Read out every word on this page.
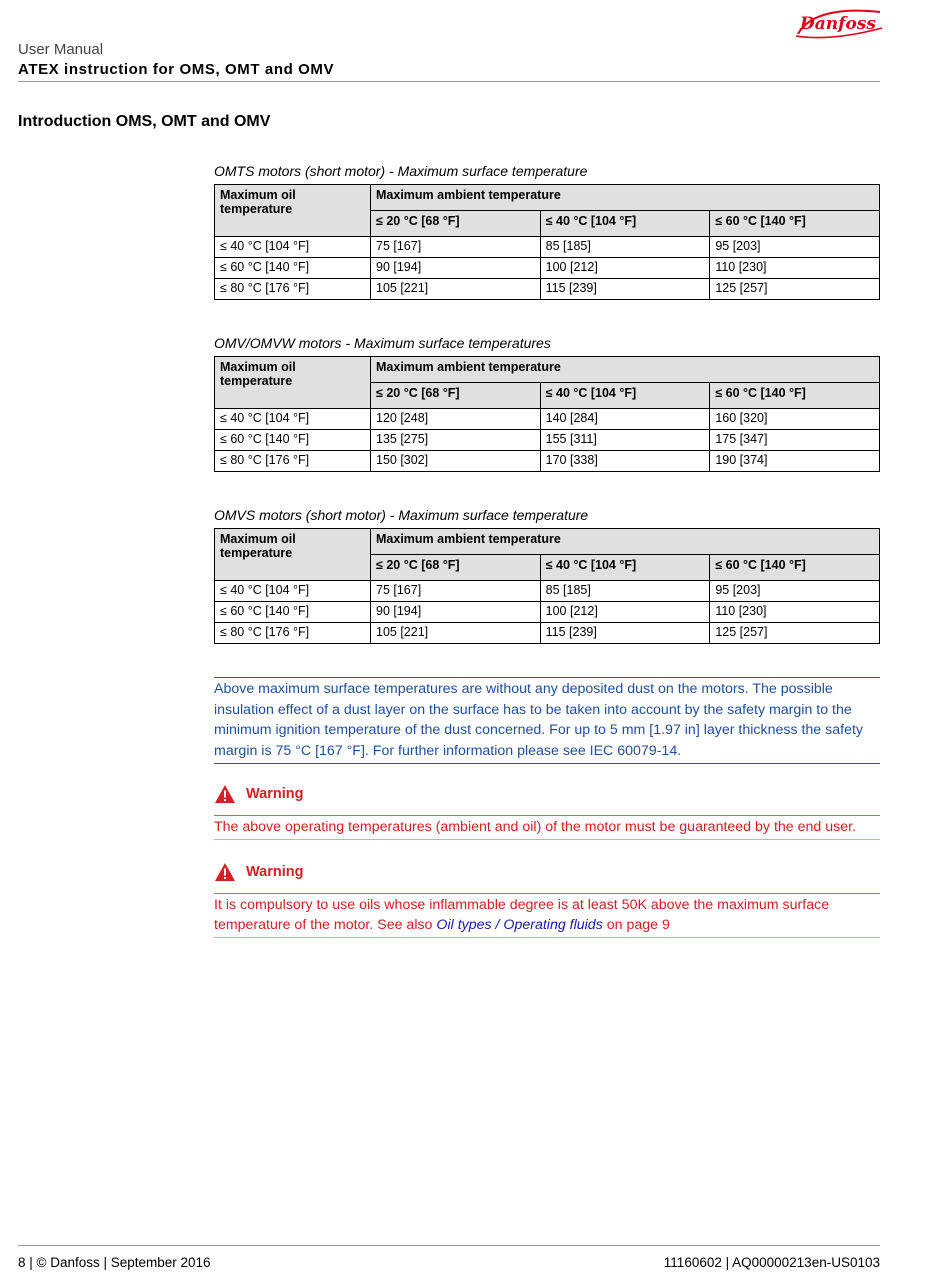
Danfoss
User Manual
ATEX instruction for OMS, OMT and OMV
Introduction OMS, OMT and OMV
OMTS motors (short motor) - Maximum surface temperature
Maximum oil temperature	Maximum ambient temperature		
	≤ 20 °C [68 °F]	≤ 40 °C [104 °F]	≤ 60 °C [140 °F]
≤ 40 °C [104 °F]	75 [167]	85 [185]	95 [203]
≤ 60 °C [140 °F]	90 [194]	100 [212]	110 [230]
≤ 80 °C [176 °F]	105 [221]	115 [239]	125 [257]
OMV/OMVW motors - Maximum surface temperatures
Maximum oil temperature	Maximum ambient temperature		
	≤ 20 °C [68 °F]	≤ 40 °C [104 °F]	≤ 60 °C [140 °F]
≤ 40 °C [104 °F]	120 [248]	140 [284]	160 [320]
≤ 60 °C [140 °F]	135 [275]	155 [311]	175 [347]
≤ 80 °C [176 °F]	150 [302]	170 [338]	190 [374]
OMVS motors (short motor) - Maximum surface temperature
Maximum oil temperature	Maximum ambient temperature		
	≤ 20 °C [68 °F]	≤ 40 °C [104 °F]	≤ 60 °C [140 °F]
≤ 40 °C [104 °F]	75 [167]	85 [185]	95 [203]
≤ 60 °C [140 °F]	90 [194]	100 [212]	110 [230]
≤ 80 °C [176 °F]	105 [221]	115 [239]	125 [257]
Above maximum surface temperatures are without any deposited dust on the motors. The possible insulation effect of a dust layer on the surface has to be taken into account by the safety margin to the minimum ignition temperature of the dust concerned. For up to 5 mm [1.97 in] layer thickness the safety margin is 75 °C [167 °F]. For further information please see IEC 60079-14.
Warning
The above operating temperatures (ambient and oil) of the motor must be guaranteed by the end user.
Warning
It is compulsory to use oils whose inflammable degree is at least 50K above the maximum surface temperature of the motor. See also Oil types / Operating fluids on page 9
8 | © Danfoss | September 2016	11160602 | AQ00000213en-US0103
